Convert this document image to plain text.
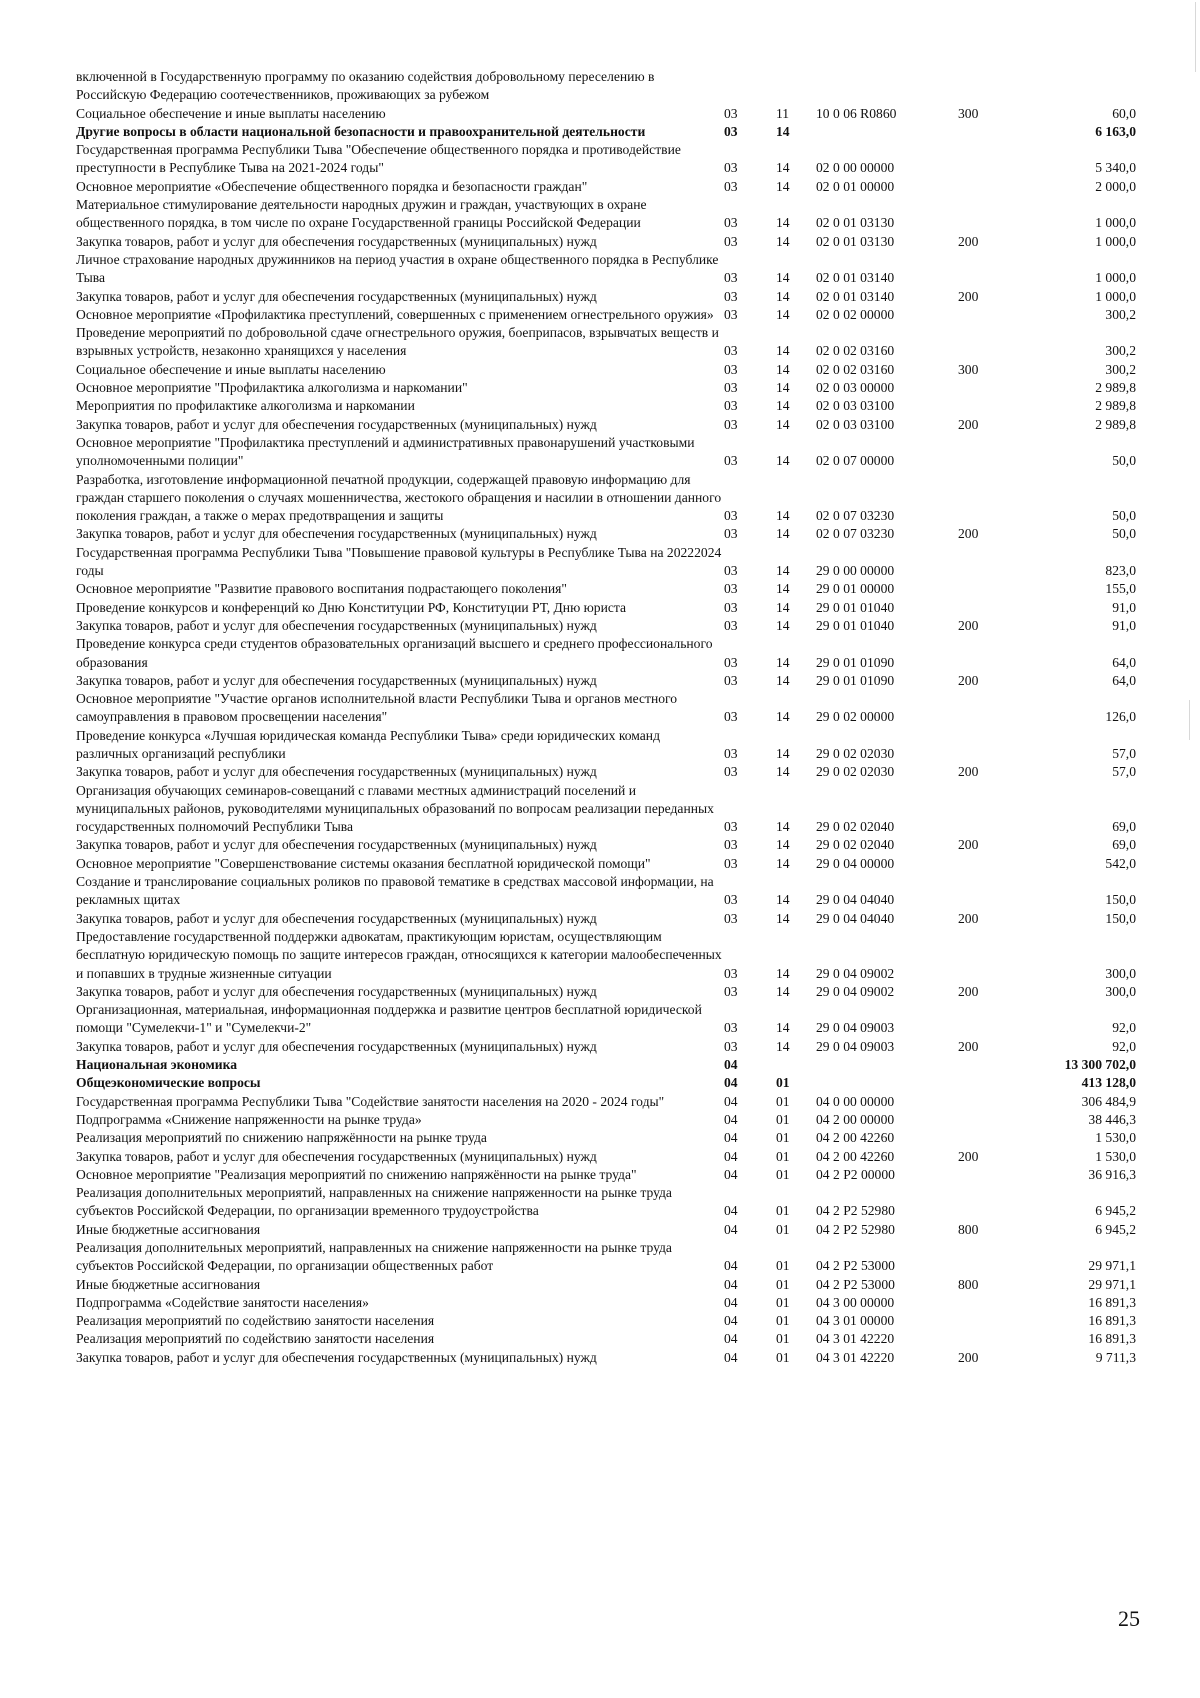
включенной в Государственную программу по оказанию содействия добровольному переселению в Российскую Федерацию соотечественников, проживающих за рубежом					
Социальное обеспечение и иные выплаты населению	03	11	10 0 06 R0860	300	60,0
Другие вопросы в области национальной безопасности и правоохранительной деятельности	03	14			6 163,0
Государственная программа Республики Тыва "Обеспечение общественного порядка и противодействие преступности в Республике Тыва на 2021-2024 годы"	03	14	02 0 00 00000		5 340,0
Основное мероприятие «Обеспечение общественного порядка и безопасности граждан"	03	14	02 0 01 00000		2 000,0
Материальное стимулирование деятельности народных дружин и граждан, участвующих в охране общественного порядка, в том числе по охране Государственной границы Российской Федерации	03	14	02 0 01 03130		1 000,0
Закупка товаров, работ и услуг для обеспечения государственных (муниципальных) нужд	03	14	02 0 01 03130	200	1 000,0
Личное страхование народных дружинников на период участия в охране общественного порядка в Республике Тыва	03	14	02 0 01 03140		1 000,0
Закупка товаров, работ и услуг для обеспечения государственных (муниципальных) нужд	03	14	02 0 01 03140	200	1 000,0
Основное мероприятие «Профилактика преступлений, совершенных с применением огнестрельного оружия»	03	14	02 0 02 00000		300,2
Проведение мероприятий по добровольной сдаче огнестрельного оружия, боеприпасов, взрывчатых веществ и взрывных устройств, незаконно хранящихся у населения	03	14	02 0 02 03160		300,2
Социальное обеспечение и иные выплаты населению	03	14	02 0 02 03160	300	300,2
Основное мероприятие "Профилактика алкоголизма и наркомании"	03	14	02 0 03 00000		2 989,8
Мероприятия по профилактике алкоголизма и наркомании	03	14	02 0 03 03100		2 989,8
Закупка товаров, работ и услуг для обеспечения государственных (муниципальных) нужд	03	14	02 0 03 03100	200	2 989,8
Основное мероприятие "Профилактика преступлений и административных правонарушений участковыми уполномоченными полиции"	03	14	02 0 07 00000		50,0
Разработка, изготовление информационной печатной продукции, содержащей правовую информацию для граждан старшего поколения о случаях мошенничества, жестокого обращения и насилии в отношении данного поколения граждан, а также о мерах предотвращения и защиты	03	14	02 0 07 03230		50,0
Закупка товаров, работ и услуг для обеспечения государственных (муниципальных) нужд	03	14	02 0 07 03230	200	50,0
Государственная программа Республики Тыва "Повышение правовой культуры в Республике Тыва на 20222024 годы	03	14	29 0 00 00000		823,0
Основное мероприятие "Развитие правового воспитания подрастающего поколения"	03	14	29 0 01 00000		155,0
Проведение конкурсов и конференций ко Дню Конституции РФ, Конституции РТ, Дню юриста	03	14	29 0 01 01040		91,0
Закупка товаров, работ и услуг для обеспечения государственных (муниципальных) нужд	03	14	29 0 01 01040	200	91,0
Проведение конкурса среди студентов образовательных организаций высшего и среднего профессионального образования	03	14	29 0 01 01090		64,0
Закупка товаров, работ и услуг для обеспечения государственных (муниципальных) нужд	03	14	29 0 01 01090	200	64,0
Основное мероприятие "Участие органов исполнительной власти Республики Тыва и органов местного самоуправления в правовом просвещении населения"	03	14	29 0 02 00000		126,0
Проведение конкурса «Лучшая юридическая команда Республики Тыва» среди юридических команд различных организаций республики	03	14	29 0 02 02030		57,0
Закупка товаров, работ и услуг для обеспечения государственных (муниципальных) нужд	03	14	29 0 02 02030	200	57,0
Организация обучающих семинаров-совещаний с главами местных администраций поселений и муниципальных районов, руководителями муниципальных образований по вопросам реализации переданных государственных полномочий Республики Тыва	03	14	29 0 02 02040		69,0
Закупка товаров, работ и услуг для обеспечения государственных (муниципальных) нужд	03	14	29 0 02 02040	200	69,0
Основное мероприятие "Совершенствование системы оказания бесплатной юридической помощи"	03	14	29 0 04 00000		542,0
Создание и транслирование социальных роликов по правовой тематике в средствах массовой информации, на рекламных щитах	03	14	29 0 04 04040		150,0
Закупка товаров, работ и услуг для обеспечения государственных (муниципальных) нужд	03	14	29 0 04 04040	200	150,0
Предоставление государственной поддержки адвокатам, практикующим юристам, осуществляющим бесплатную юридическую помощь по защите интересов граждан, относящихся к категории малообеспеченных и попавших в трудные жизненные ситуации	03	14	29 0 04 09002		300,0
Закупка товаров, работ и услуг для обеспечения государственных (муниципальных) нужд	03	14	29 0 04 09002	200	300,0
Организационная, материальная, информационная поддержка и развитие центров бесплатной юридической помощи "Сумелекчи-1" и "Сумелекчи-2"	03	14	29 0 04 09003		92,0
Закупка товаров, работ и услуг для обеспечения государственных (муниципальных) нужд	03	14	29 0 04 09003	200	92,0
Национальная экономика	04				13 300 702,0
Общеэкономические вопросы	04	01			413 128,0
Государственная программа Республики Тыва "Содействие занятости населения на 2020 - 2024 годы"	04	01	04 0 00 00000		306 484,9
Подпрограмма «Снижение напряженности на рынке труда»	04	01	04 2 00 00000		38 446,3
Реализация мероприятий по снижению напряжённости на рынке труда	04	01	04 2 00 42260		1 530,0
Закупка товаров, работ и услуг для обеспечения государственных (муниципальных) нужд	04	01	04 2 00 42260	200	1 530,0
Основное мероприятие "Реализация мероприятий по снижению напряжённости на рынке труда"	04	01	04 2 P2 00000		36 916,3
Реализация дополнительных мероприятий, направленных на снижение напряженности на рынке труда субъектов Российской Федерации, по организации временного трудоустройства	04	01	04 2 P2 52980		6 945,2
Иные бюджетные ассигнования	04	01	04 2 P2 52980	800	6 945,2
Реализация дополнительных мероприятий, направленных на снижение напряженности на рынке труда субъектов Российской Федерации, по организации общественных работ	04	01	04 2 P2 53000		29 971,1
Иные бюджетные ассигнования	04	01	04 2 P2 53000	800	29 971,1
Подпрограмма «Содействие занятости населения»	04	01	04 3 00 00000		16 891,3
Реализация мероприятий по содействию занятости населения	04	01	04 3 01 00000		16 891,3
Реализация мероприятий по содействию занятости населения	04	01	04 3 01 42220		16 891,3
Закупка товаров, работ и услуг для обеспечения государственных (муниципальных) нужд	04	01	04 3 01 42220	200	9 711,3
25
